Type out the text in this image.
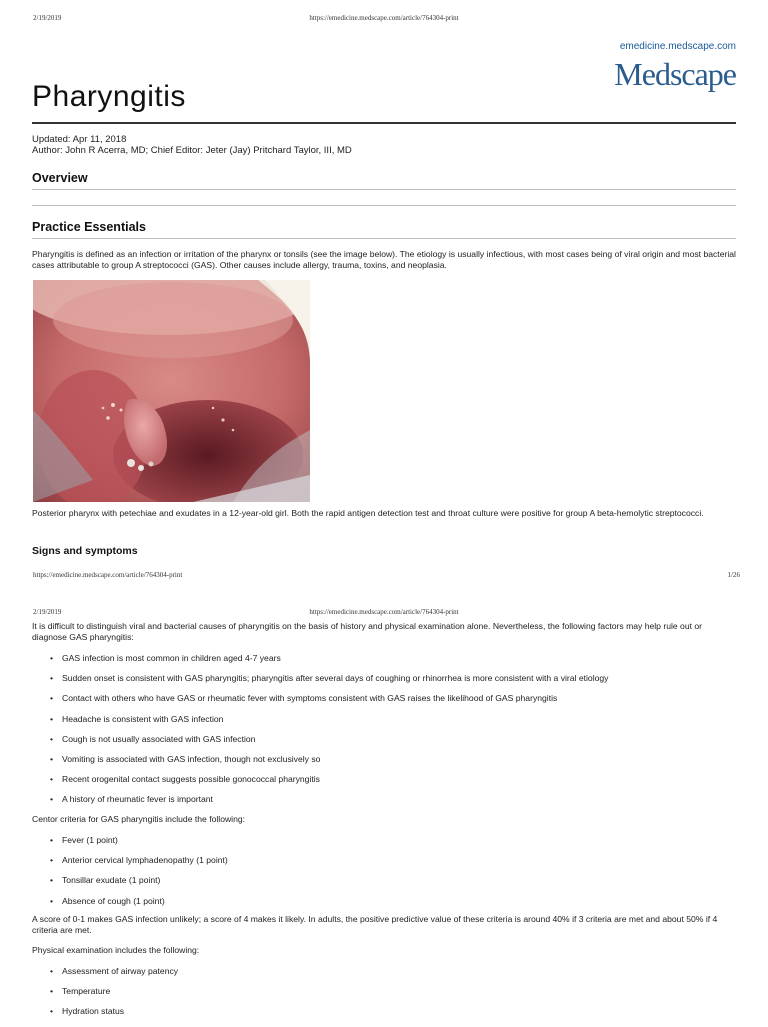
2/19/2019	https://emedicine.medscape.com/article/764304-print
emedicine.medscape.com
Medscape
Pharyngitis
Updated: Apr 11, 2018
Author: John R Acerra, MD; Chief Editor: Jeter (Jay) Pritchard Taylor, III, MD
Overview
Practice Essentials
Pharyngitis is defined as an infection or irritation of the pharynx or tonsils (see the image below). The etiology is usually infectious, with most cases being of viral origin and most bacterial cases attributable to group A streptococci (GAS). Other causes include allergy, trauma, toxins, and neoplasia.
Posterior pharynx with petechiae and exudates in a 12-year-old girl. Both the rapid antigen detection test and throat culture were positive for group A beta-hemolytic streptococci.
Signs and symptoms
https://emedicine.medscape.com/article/764304-print	1/26
2/19/2019	https://emedicine.medscape.com/article/764304-print
It is difficult to distinguish viral and bacterial causes of pharyngitis on the basis of history and physical examination alone. Nevertheless, the following factors may help rule out or diagnose GAS pharyngitis:
• GAS infection is most common in children aged 4-7 years
• Sudden onset is consistent with GAS pharyngitis; pharyngitis after several days of coughing or rhinorrhea is more consistent with a viral etiology
• Contact with others who have GAS or rheumatic fever with symptoms consistent with GAS raises the likelihood of GAS pharyngitis
• Headache is consistent with GAS infection
• Cough is not usually associated with GAS infection
• Vomiting is associated with GAS infection, though not exclusively so
• Recent orogenital contact suggests possible gonococcal pharyngitis
• A history of rheumatic fever is important
Centor criteria for GAS pharyngitis include the following:
• Fever (1 point)
• Anterior cervical lymphadenopathy (1 point)
• Tonsillar exudate (1 point)
• Absence of cough (1 point)
A score of 0-1 makes GAS infection unlikely; a score of 4 makes it likely. In adults, the positive predictive value of these criteria is around 40% if 3 criteria are met and about 50% if 4 criteria are met.
Physical examination includes the following:
• Assessment of airway patency
• Temperature
• Hydration status
